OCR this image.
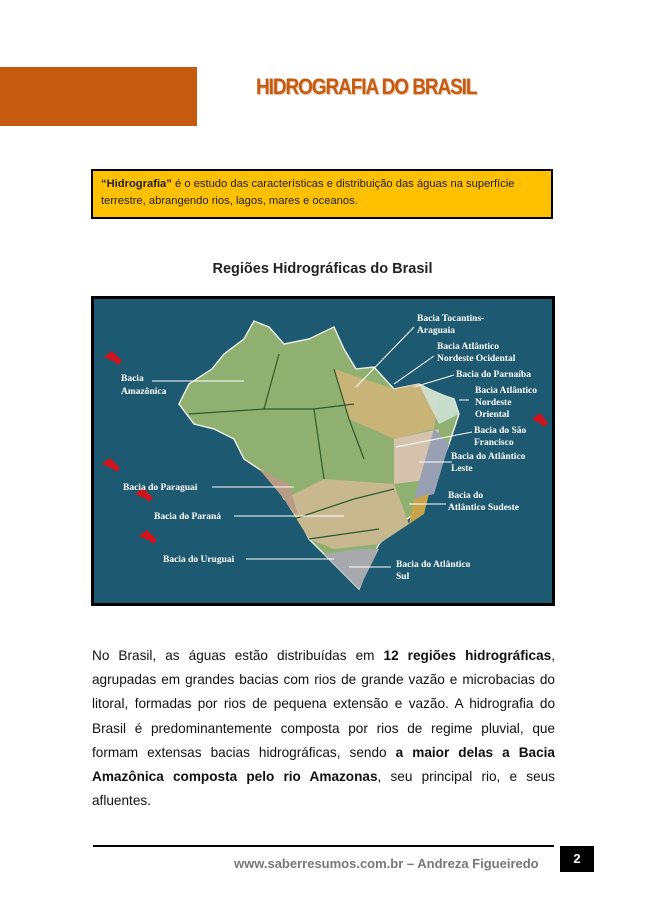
HIDROGRAFIA DO BRASIL
“Hidrografia” é o estudo das características e distribuição das águas na superfície terrestre, abrangendo rios, lagos, mares e oceanos.
Regiões Hidrográficas do Brasil
Bacia Amazônica
Bacia Tocantins-Araguaia
Bacia Atlântico Nordeste Ocidental
Bacia do Parnaíba
Bacia Atlântico Nordeste Oriental
Bacia do São Francisco
Bacia do Atlântico Leste
Bacia do Paraguai
Bacia do Paraná
Bacia do Atlântico Sudeste
Bacia do Uruguai	Bacia do Atlântico Sul
No Brasil, as águas estão distribuídas em 12 regiões hidrográficas, agrupadas em grandes bacias com rios de grande vazão e microbacias do litoral, formadas por rios de pequena extensão e vazão. A hidrografia do Brasil é predominantemente composta por rios de regime pluvial, que formam extensas bacias hidrográficas, sendo a maior delas a Bacia Amazônica composta pelo rio Amazonas, seu principal rio, e seus afluentes.
www.saberresumos.com.br – Andreza Figueiredo	2
